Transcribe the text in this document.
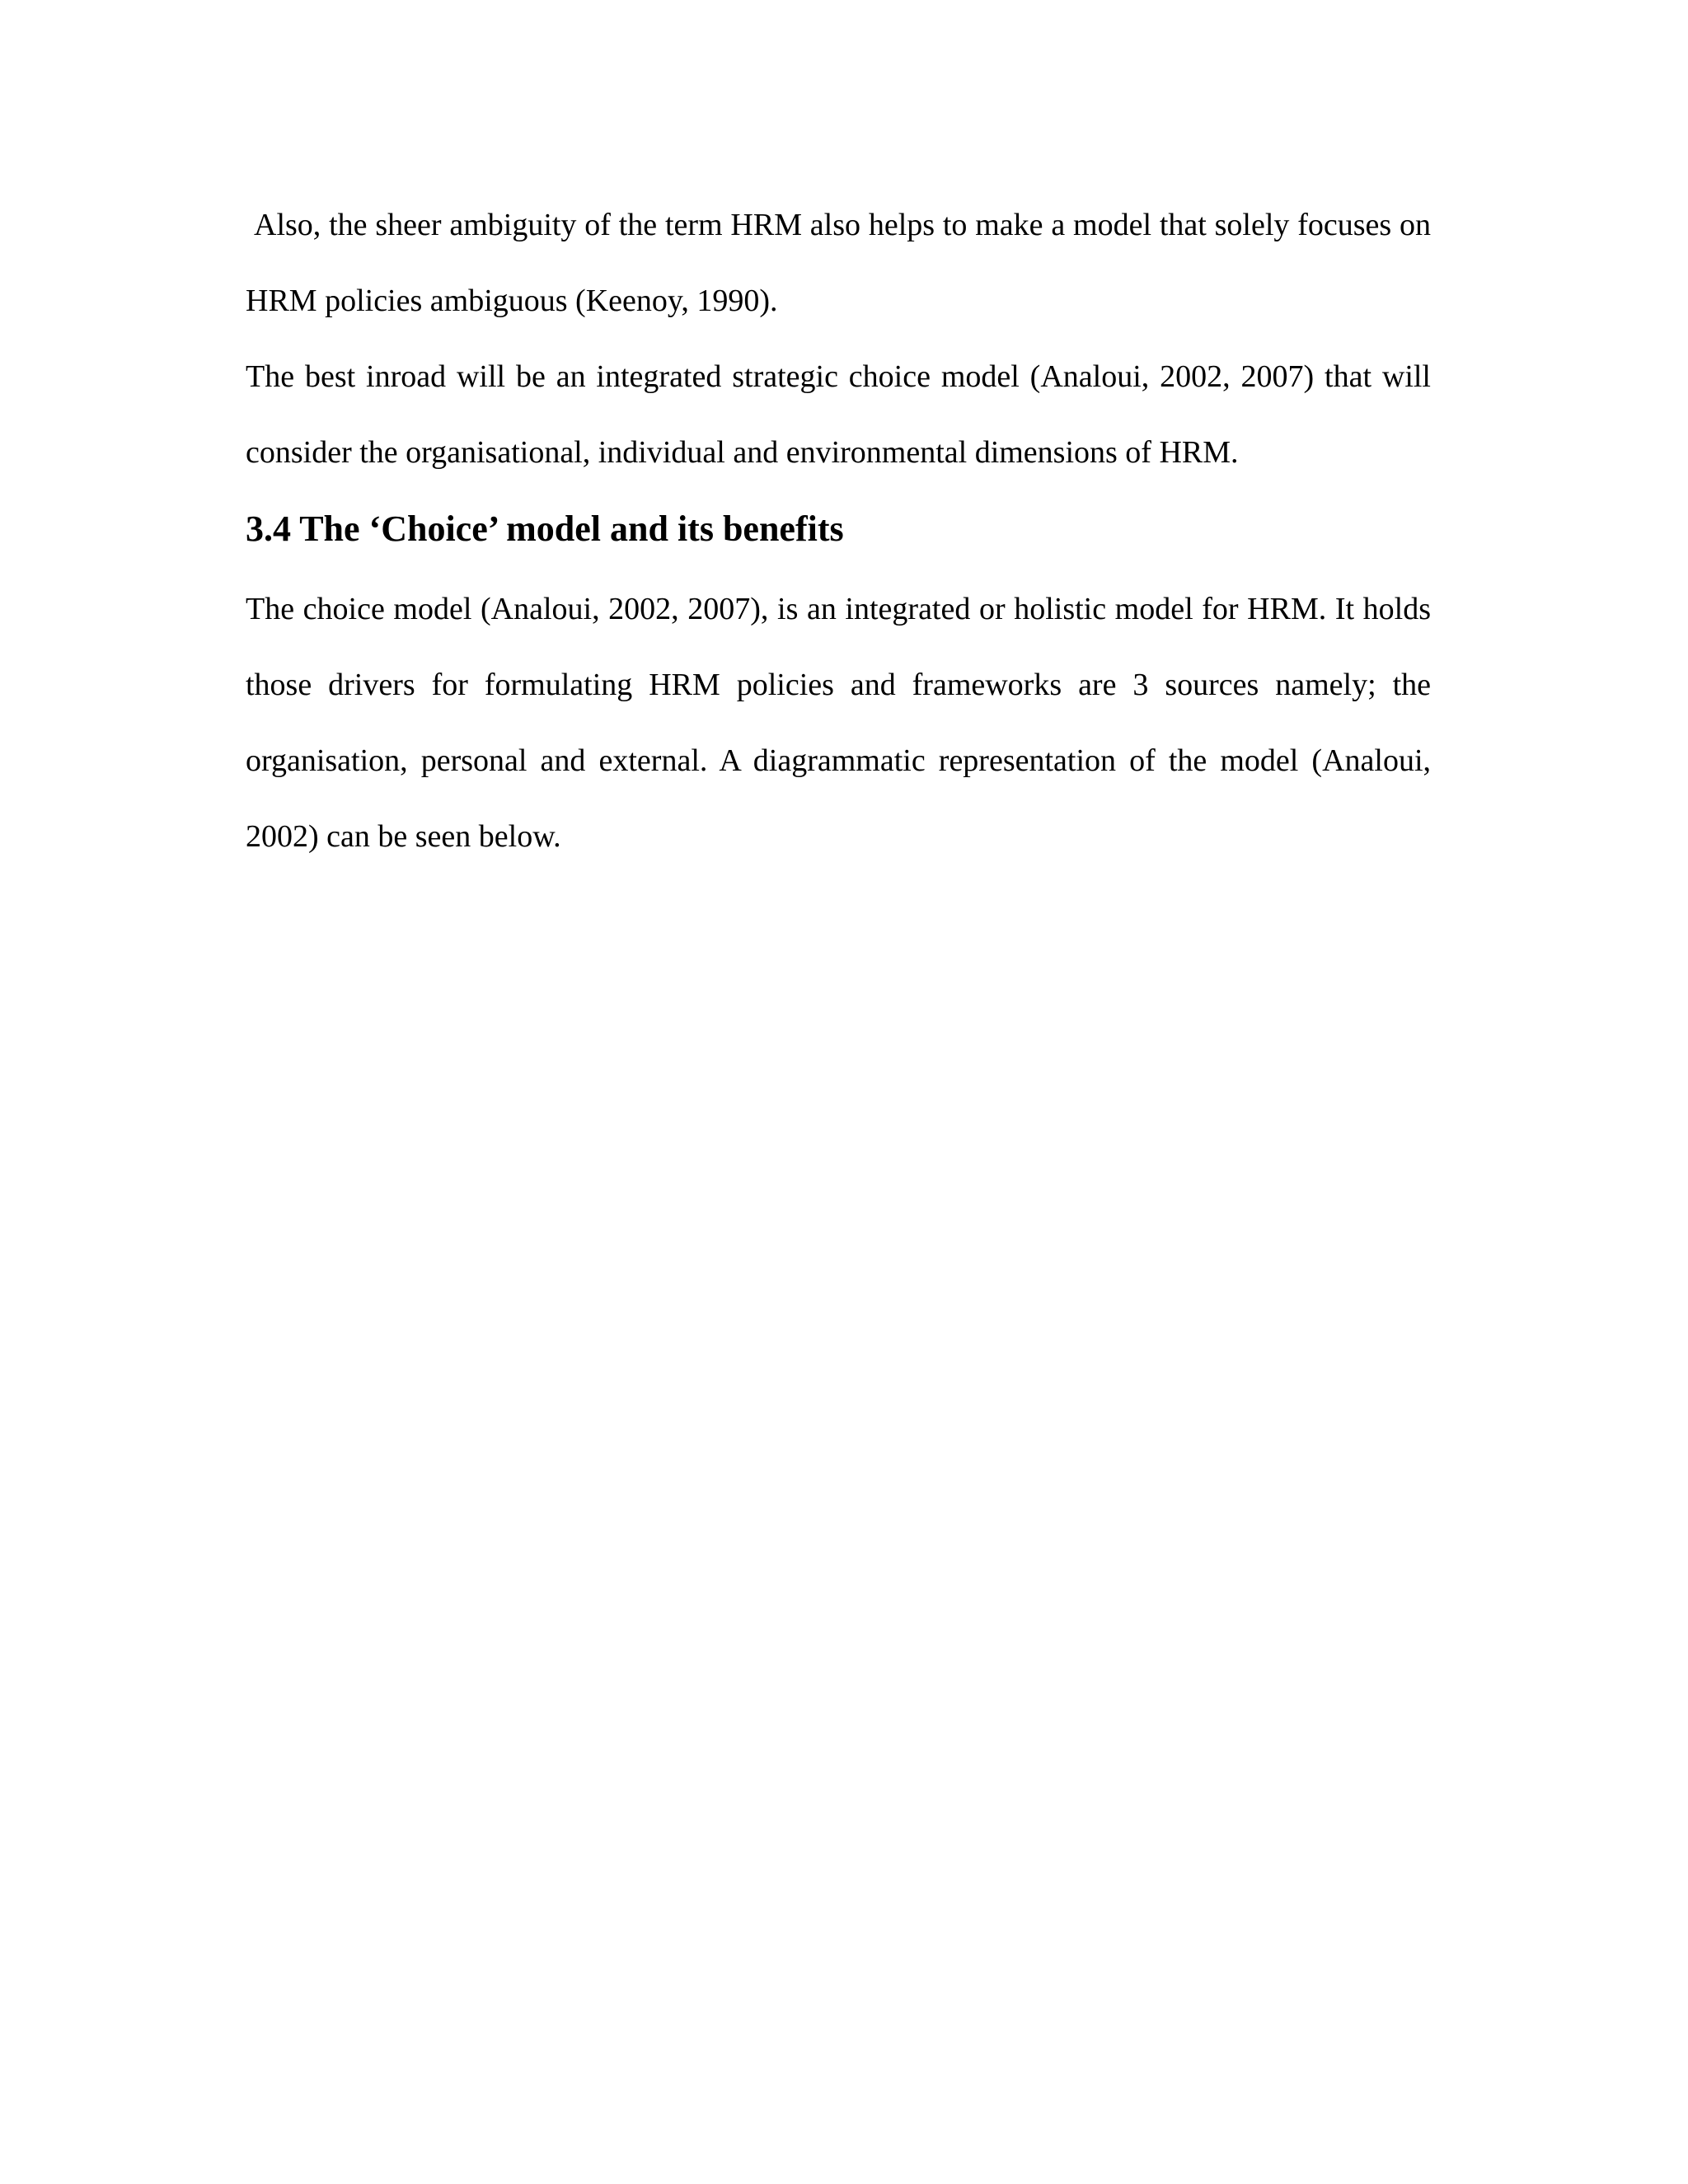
Also, the sheer ambiguity of the term HRM also helps to make a model that solely focuses on HRM policies ambiguous (Keenoy, 1990).

The best inroad will be an integrated strategic choice model (Analoui, 2002, 2007) that will consider the organisational, individual and environmental dimensions of HRM.

3.4 The ‘Choice’ model and its benefits

The choice model (Analoui, 2002, 2007), is an integrated or holistic model for HRM. It holds those drivers for formulating HRM policies and frameworks are 3 sources namely; the organisation, personal and external. A diagrammatic representation of the model (Analoui, 2002) can be seen below.
